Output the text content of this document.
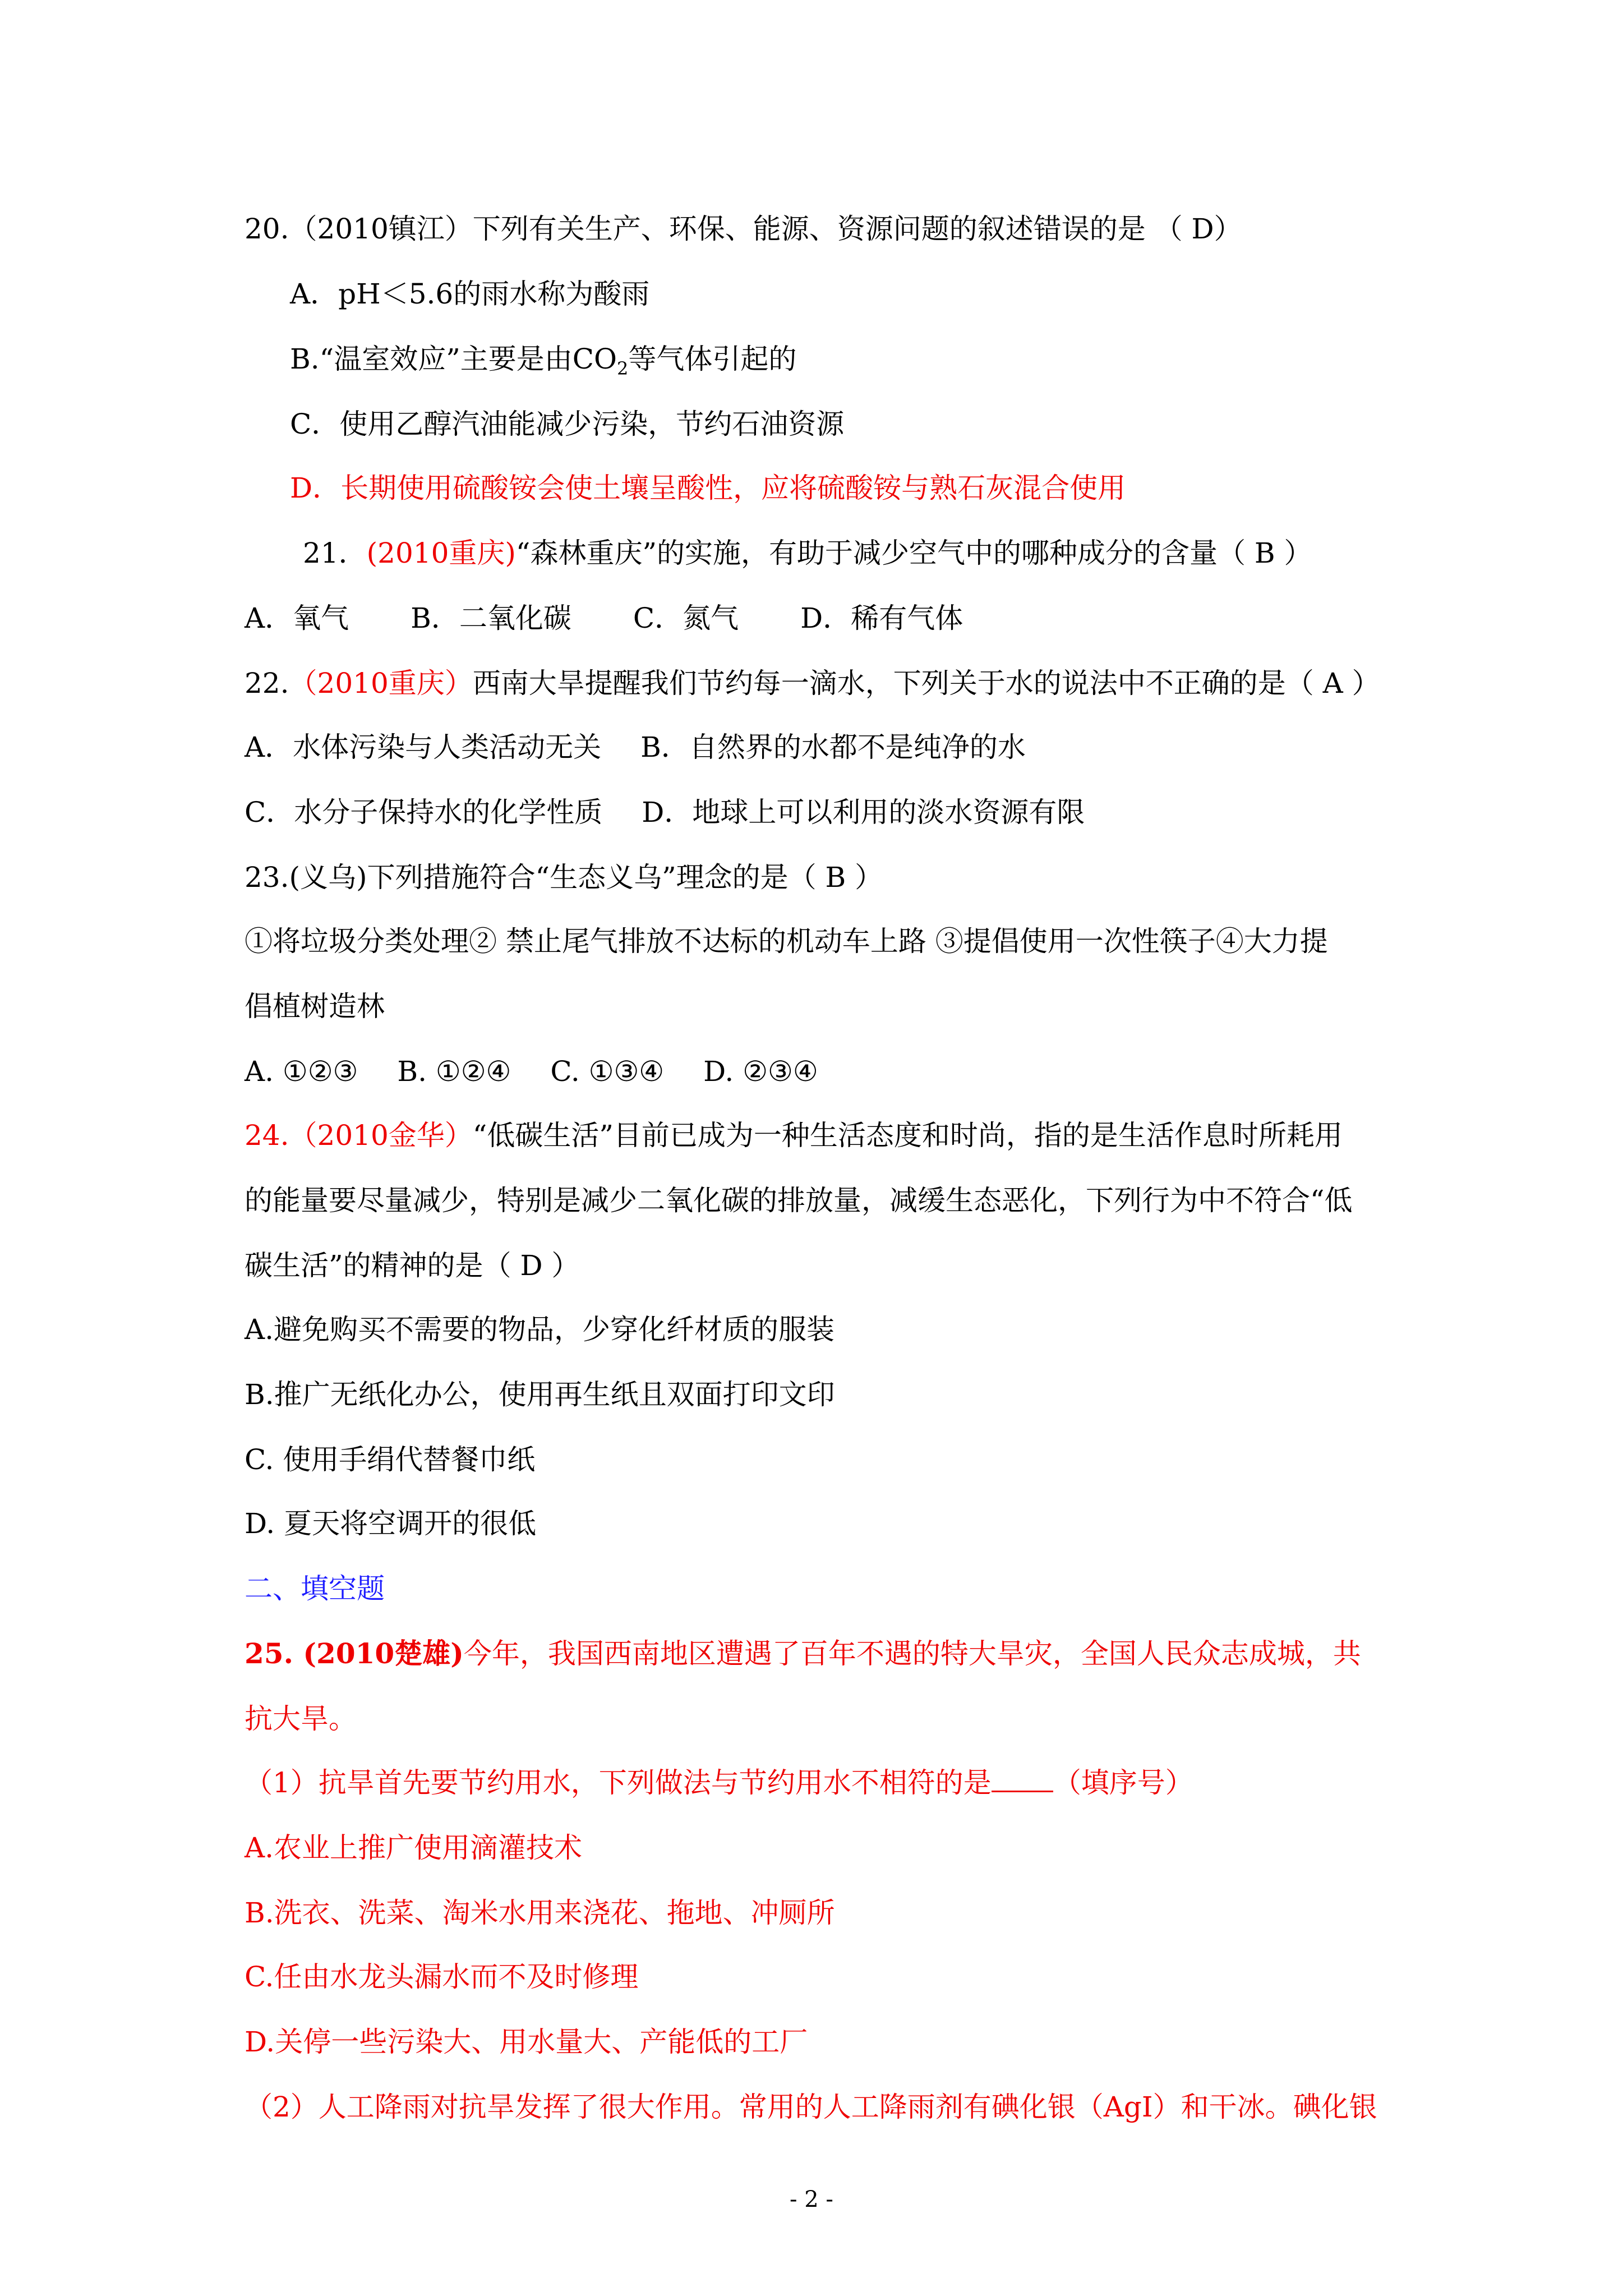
20.（2010镇江）下列有关生产、环保、能源、资源问题的叙述错误的是 （ D）
A．pH＜5.6的雨水称为酸雨
B.“温室效应”主要是由$CO_2$等气体引起的
C．使用乙醇汽油能减少污染，节约石油资源
D．长期使用硫酸铵会使土壤呈酸性，应将硫酸铵与熟石灰混合使用
21．(2010重庆)“森林重庆”的实施，有助于减少空气中的哪种成分的含量（ B ）
A．氧气 B．二氧化碳 C．氮气 D．稀有气体
22.（2010重庆）西南大旱提醒我们节约每一滴水，下列关于水的说法中不正确的是（ A ）
A．水体污染与人类活动无关 B．自然界的水都不是纯净的水
C．水分子保持水的化学性质 D．地球上可以利用的淡水资源有限
23.(义乌)下列措施符合“生态义乌”理念的是（ B ）
①将垃圾分类处理② 禁止尾气排放不达标的机动车上路 ③提倡使用一次性筷子④大力提
倡植树造林
A. ①②③ B. ①②④ C. ①③④ D. ②③④
24.（2010金华）“低碳生活”目前已成为一种生活态度和时尚，指的是生活作息时所耗用
的能量要尽量减少，特别是减少二氧化碳的排放量，减缓生态恶化，下列行为中不符合“低
碳生活”的精神的是（ D ）
A.避免购买不需要的物品，少穿化纤材质的服装
B.推广无纸化办公，使用再生纸且双面打印文印
C. 使用手绢代替餐巾纸
D. 夏天将空调开的很低
二、填空题
25. (2010楚雄)今年，我国西南地区遭遇了百年不遇的特大旱灾，全国人民众志成城，共
抗大旱。
（1）抗旱首先要节约用水，下列做法与节约用水不相符的是 （填序号）
A.农业上推广使用滴灌技术
B.洗衣、洗菜、淘米水用来浇花、拖地、冲厕所
C.任由水龙头漏水而不及时修理
D.关停一些污染大、用水量大、产能低的工厂
（2）人工降雨对抗旱发挥了很大作用。常用的人工降雨剂有碘化银（AgI）和干冰。碘化银
- 2 -
